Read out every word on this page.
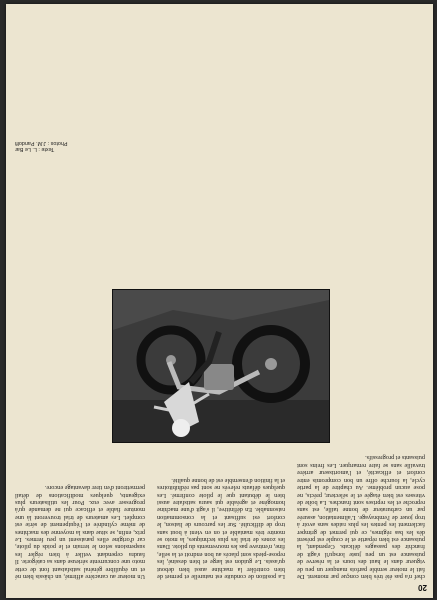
20

chef n'a pas été très bien conçue par moment. De fait le moteur semble parfois manquer un peu de vigueur dans le haut des tours et la réserve de puissance est un peu juste lorsqu'il s'agit de franchir des passages délicats. Cependant, la puissance est bien répartie et le couple est présent dès les bas régimes, ce qui permet de grimper facilement les pentes les plus raides sans avoir à trop jouer de l'embrayage. L'alimentation, assurée par un carburateur de bonne taille, est sans reproche et les reprises sont franches. La boîte de vitesses est bien étagée et le sélecteur, précis, ne pose aucun problème. Au chapitre de la partie cycle, la fourche offre un bon compromis entre confort et efficacité, et l'amortisseur arrière travaille sans se faire remarquer. Les freins sont puissants et progressifs.

La position de conduite est naturelle et permet de bien contrôler la machine aussi bien debout qu'assis. Le guidon est large et bien dessiné, les repose-pieds sont placés au bon endroit et la selle, fine, n'entrave pas les mouvements du pilote. Dans les zones de trial les plus techniques, la moto se montre très maniable et on en vient à bout sans trop de difficulté. Sur les parcours de liaison, le confort est suffisant et la consommation raisonnable. En définitive, il s'agit d'une machine homogène et agréable qui saura satisfaire aussi bien le débutant que le pilote confirmé. Les quelques défauts relevés ne sont pas rédhibitoires et la finition d'ensemble est de bonne qualité.

Un moteur au caractère affirmé, un châssis bien né et un équilibre général satisfaisant font de cette moto une concurrente sérieuse dans sa catégorie. Il faudra cependant veiller à bien régler les suspensions selon le terrain et le poids du pilote, car d'origine elles paraissent un peu fermes. Le prix, enfin, se situe dans la moyenne des machines de même cylindrée et l'équipement de série est complet. Les amateurs de trial trouveront là une monture fiable et efficace qui ne demande qu'à progresser avec eux. Pour les utilisateurs plus exigeants, quelques modifications de détail permettront d'en tirer davantage encore.

Texte : L. Le Bar
Photos : J.M. Pandolfi
